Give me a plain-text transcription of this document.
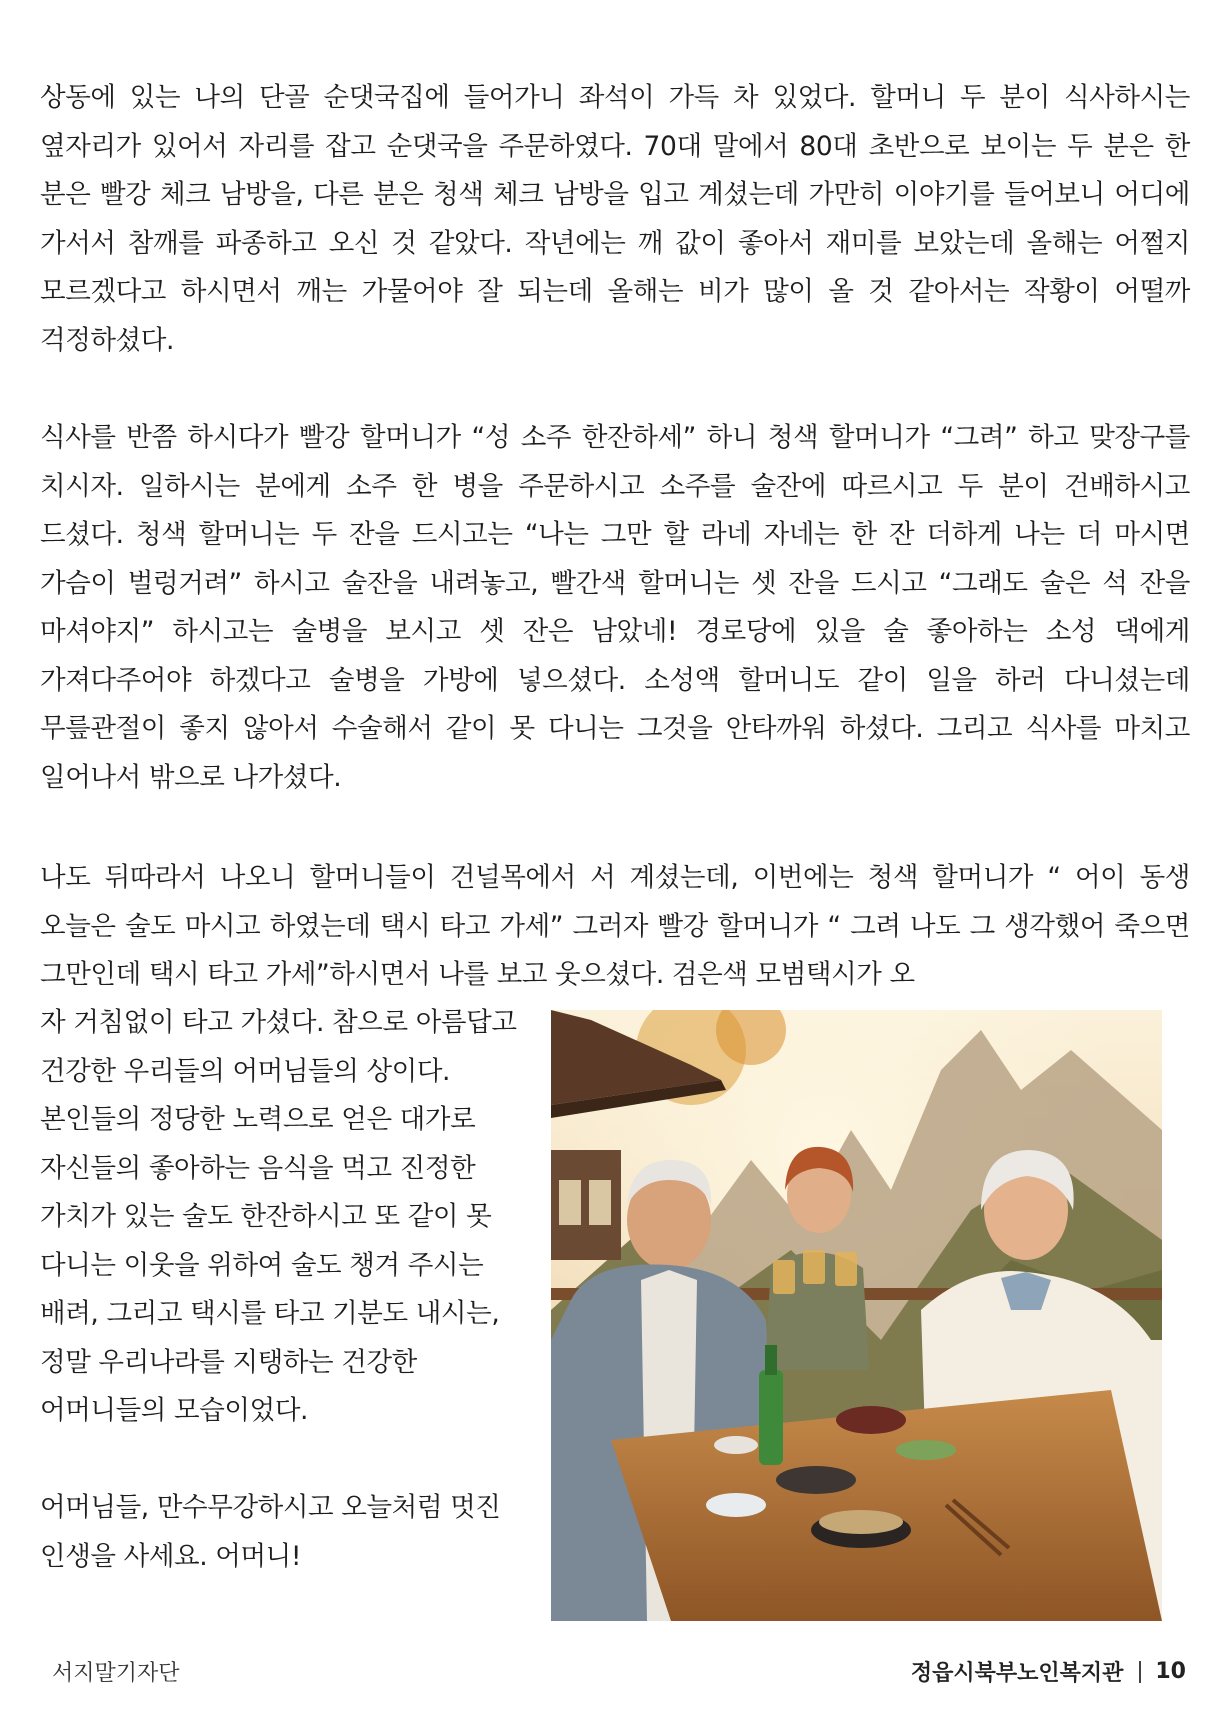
상동에 있는 나의 단골 순댓국집에 들어가니 좌석이 가득 차 있었다. 할머니 두 분이 식사하시는 옆자리가 있어서 자리를 잡고 순댓국을 주문하였다. 70대 말에서 80대 초반으로 보이는 두 분은 한 분은 빨강 체크 남방을, 다른 분은 청색 체크 남방을 입고 계셨는데 가만히 이야기를 들어보니 어디에 가서서 참깨를 파종하고 오신 것 같았다. 작년에는 깨 값이 좋아서 재미를 보았는데 올해는 어쩔지 모르겠다고 하시면서 깨는 가물어야 잘 되는데 올해는 비가 많이 올 것 같아서는 작황이 어떨까 걱정하셨다.

식사를 반쯤 하시다가 빨강 할머니가 “성 소주 한잔하세” 하니 청색 할머니가 “그려” 하고 맞장구를 치시자. 일하시는 분에게 소주 한 병을 주문하시고 소주를 술잔에 따르시고 두 분이 건배하시고 드셨다. 청색 할머니는 두 잔을 드시고는 “나는 그만 할 라네 자네는 한 잔 더하게 나는 더 마시면 가슴이 벌렁거려” 하시고 술잔을 내려놓고, 빨간색 할머니는 셋 잔을 드시고 “그래도 술은 석 잔을 마셔야지” 하시고는 술병을 보시고 셋 잔은 남았네! 경로당에 있을 술 좋아하는 소성 댁에게 가져다주어야 하겠다고 술병을 가방에 넣으셨다. 소성액 할머니도 같이 일을 하러 다니셨는데 무릎관절이 좋지 않아서 수술해서 같이 못 다니는 그것을 안타까워 하셨다. 그리고 식사를 마치고 일어나서 밖으로 나가셨다.

나도 뒤따라서 나오니 할머니들이 건널목에서 서 계셨는데, 이번에는 청색 할머니가 “ 어이 동생 오늘은 술도 마시고 하였는데 택시 타고 가세” 그러자 빨강 할머니가 “ 그려 나도 그 생각했어 죽으면 그만인데 택시 타고 가세”하시면서 나를 보고 웃으셨다. 검은색 모범택시가 오

자 거침없이 타고 가셨다. 참으로 아름답고 건강한 우리들의 어머님들의 상이다. 본인들의 정당한 노력으로 얻은 대가로 자신들의 좋아하는 음식을 먹고 진정한 가치가 있는 술도 한잔하시고 또 같이 못 다니는 이웃을 위하여 술도 챙겨 주시는 배려, 그리고 택시를 타고 기분도 내시는, 정말 우리나라를 지탱하는 건강한 어머니들의 모습이었다.

어머님들, 만수무강하시고 오늘처럼 멋진 인생을 사세요. 어머니!

서지말기자단	정읍시북부노인복지관 10
